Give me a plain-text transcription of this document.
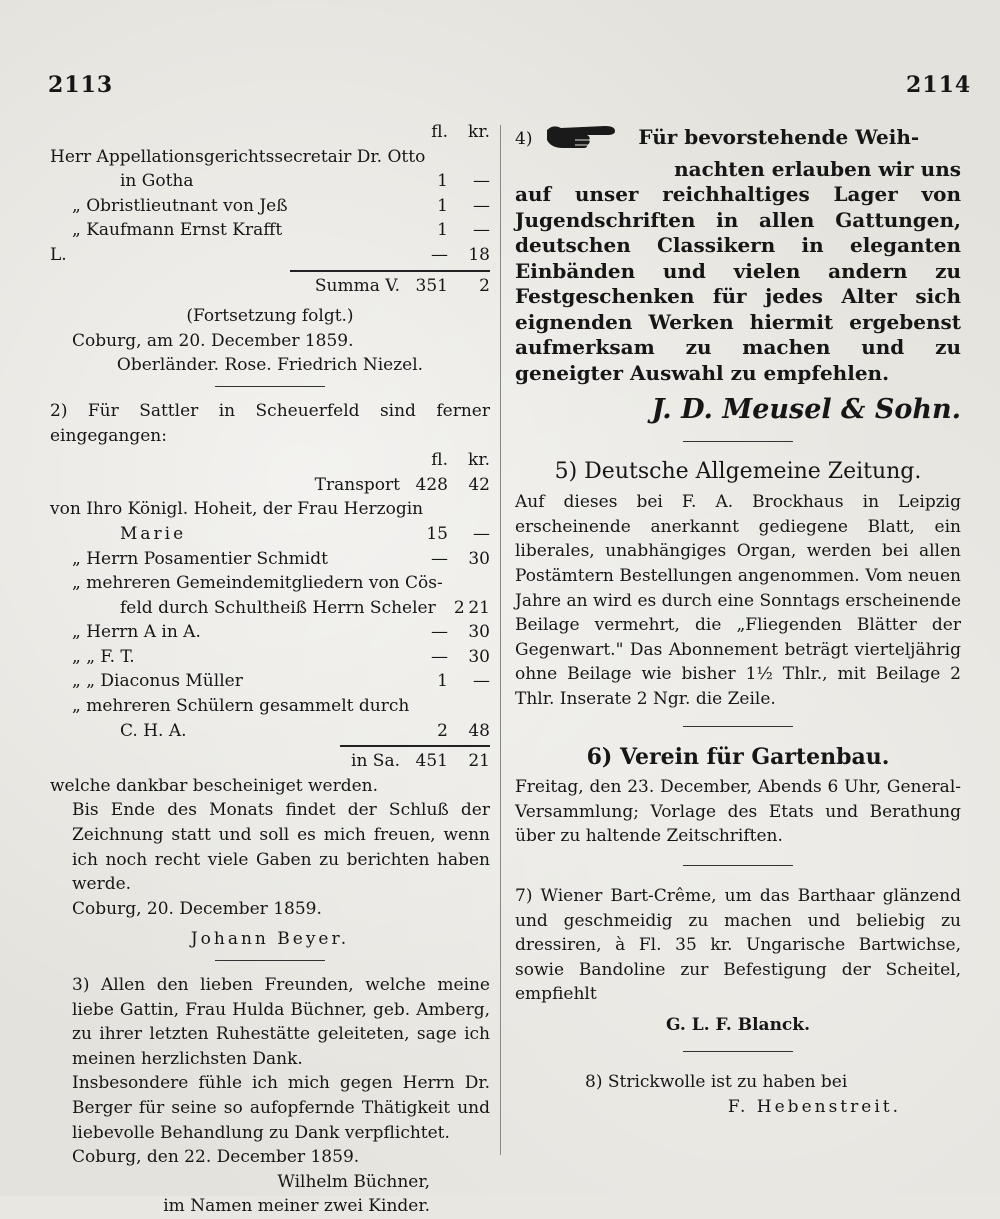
2113	2114
fl.	kr.
Herr Appellationsgerichtssecretair Dr. Otto
in Gotha	1	—
„ Obristlieutnant von Jeß	1	—
„ Kaufmann Ernst Krafft	1	—
L.	—	18
Summa V. 351	2
(Fortsetzung folgt.)
Coburg, am 20. December 1859.
Oberländer. Rose. Friedrich Niezel.
2) Für Sattler in Scheuerfeld sind ferner eingegangen:
fl.	kr.
Transport 428	42
von Ihro Königl. Hoheit, der Frau Herzogin
Marie	15	—
„ Herrn Posamentier Schmidt	—	30
„ mehreren Gemeindemitgliedern von Cös-
feld durch Schultheiß Herrn Scheler	2 21
„ Herrn A in A.	—	30
„ „ F. T.	—	30
„ „ Diaconus Müller	1	—
„ mehreren Schülern gesammelt durch
C. H. A.	2	48
in Sa. 451	21
welche dankbar bescheiniget werden.
Bis Ende des Monats findet der Schluß der Zeichnung statt und soll es mich freuen, wenn ich noch recht viele Gaben zu berichten haben werde.
Coburg, 20. December 1859.
Johann Beyer.
3) Allen den lieben Freunden, welche meine liebe Gattin, Frau Hulda Büchner, geb. Amberg, zu ihrer letzten Ruhestätte geleiteten, sage ich meinen herzlichsten Dank.
Insbesondere fühle ich mich gegen Herrn Dr. Berger für seine so aufopfernde Thätigkeit und liebevolle Behandlung zu Dank verpflichtet.
Coburg, den 22. December 1859.
Wilhelm Büchner,
im Namen meiner zwei Kinder.
4)	Für bevorstehende Weih-
nachten erlauben wir uns
auf unser reichhaltiges Lager von Jugendschriften in allen Gattungen, deutschen Classikern in eleganten Einbänden und vielen andern zu Festgeschenken für jedes Alter sich eignenden Werken hiermit ergebenst aufmerksam zu machen und zu geneigter Auswahl zu empfehlen.
J. D. Meusel & Sohn.
5) Deutsche Allgemeine Zeitung.
Auf dieses bei F. A. Brockhaus in Leipzig erscheinende anerkannt gediegene Blatt, ein liberales, unabhängiges Organ, werden bei allen Postämtern Bestellungen angenommen. Vom neuen Jahre an wird es durch eine Sonntags erscheinende Beilage vermehrt, die „Fliegenden Blätter der Gegenwart." Das Abonnement beträgt vierteljährig ohne Beilage wie bisher 1½ Thlr., mit Beilage 2 Thlr. Inserate 2 Ngr. die Zeile.
6) Verein für Gartenbau.
Freitag, den 23. December, Abends 6 Uhr, General-Versammlung; Vorlage des Etats und Berathung über zu haltende Zeitschriften.
7) Wiener Bart-Crême, um das Barthaar glänzend und geschmeidig zu machen und beliebig zu dressiren, à Fl. 35 kr. Ungarische Bartwichse, sowie Bandoline zur Befestigung der Scheitel, empfiehlt
G. L. F. Blanck.
8) Strickwolle ist zu haben bei
F. Hebenstreit.
